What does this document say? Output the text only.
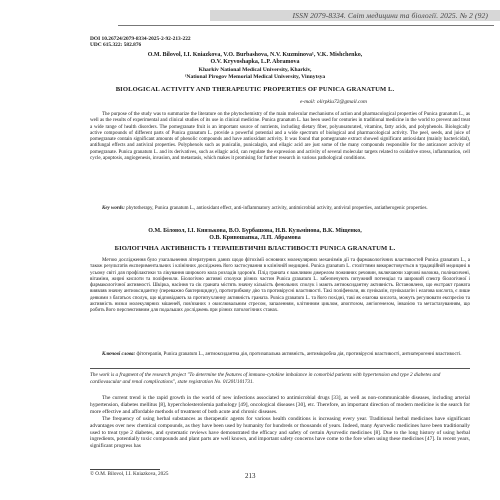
ISSN 2079-8334. Світ медицини та біології. 2025. № 2 (92)
DOI 10.26724/2079-8334-2025-2-92-213-222
UDC 615.322: 582.876
O.M. Bilovol, I.I. Kniazkova, V.O. Burbashova, N.V. Kuzminova¹, V.K. Mishchenko,
O.V. Kryvoshapka, L.P. Abramova
Kharkiv National Medical University, Kharkiv,
¹National Pirogov Memorial Medical University, Vinnytsya
BIOLOGICAL ACTIVITY AND THERAPEUTIC PROPERTIES OF PUNICA GRANATUM L.
e-mail: olirpkiu72@gmail.com
The purpose of the study was to summarize the literature on the phytochemistry of the main molecular mechanisms of action and pharmacological properties of Punica granatum L., as well as the results of experimental and clinical studies of its use in clinical medicine. Punica granatum L. has been used for centuries in traditional medicine in the world to prevent and treat a wide range of health disorders. The pomegranate fruit is an important source of nutrients, including dietary fiber, polyunsaturated, vitamins, fatty acids, and polyphenols. Biologically active compounds of different parts of Punica granatum L. provide a powerful potential and a wide spectrum of biological and pharmacological activity. The peel, seeds, and juice of pomegranate contain significant amounts of phenolic compounds and have antioxidant activity. It was found that pomegranate extract showed significant antioxidant (mainly bactericidal), antifungal effects and antiviral properties. Polyphenols such as punicalin, punicalagin, and ellagic acid are just some of the many compounds responsible for the anticancer activity of pomegranate. Punica granatum L. and its derivatives, such as ellagic acid, can regulate the expression and activity of several molecular targets related to oxidative stress, inflammation, cell cycle, apoptosis, angiogenesis, invasion, and metastasis, which makes it promising for further research in various pathological conditions.
Key words: phytotherapy, Punica granatum L., antioxidant effect, anti-inflammatory activity, antimicrobial activity, antiviral properties, antiatherogenic properties.
О.М. Біловол, І.І. Князькова, В.О. Бурбашова, Н.В. Кузьмінова, В.К. Міщенко,
О.В. Кривошапка, Л.П. Абрамова
БІОЛОГІЧНА АКТИВНІСТЬ І ТЕРАПЕВТИЧНІ ВЛАСТИВОСТІ PUNICA GRANATUM L.
Метою дослідження було узагальнення літературних даних щодо фітохімії основних молекулярних механізмів дії та фармакологічних властивостей Punica granatum L., а також результатів експериментальних і клінічних досліджень його застосування в клінічній медицині. Punica granatum L. століттями використовується в традиційній медицині в усьому світі для профілактики та лікування широкого кола розладів здоров'я. Плід граната є важливим джерелом поживних речовин, включаючи харчові волокна, полінасичені, вітаміни, жирні кислоти та поліфеноли. Біологічно активні сполуки різних частин Punica granatum L. забезпечують потужний потенціал та широкий спектр біологічної і фармакологічної активності. Шкірка, насіння та сік граната містять значну кількість фенольних сполук і мають антиоксидантну активність. Встановлено, що екстракт граната виявляв значну антиоксидантну (переважно бактерицидну), протигрибкову дію та противірусні властивості. Такі поліфеноли, як пунікалін, пунікалагін і елагова кислота, є лише деякими з багатьох сполук, що відповідають за протипухлинну активність граната. Punica granatum L. та його похідні, такі як елагова кислота, можуть регулювати експресію та активність низки молекулярних мішеней, пов'язаних з окислювальним стресом, запаленням, клітинним циклом, апоптозом, ангіогенезом, інвазією та метастазуванням, що робить його перспективним для подальших досліджень при різних патологічних станах.
Ключові слова: фітотерапія, Punica granatum L., антиоксидантна дія, протизапальна активність, антимікробна дія, противірусні властивості, антиатерогенні властивості.
The work is a fragment of the research project "To determine the features of immuno-cytokine imbalance in comorbid patients with hypertension and type 2 diabetes and cardiovascular and renal complications", state registration No. 0120U101731.

The current trend is the rapid growth in the world of new infections associated to antimicrobial drugs [33], as well as non-communicable diseases, including arterial hypertension, diabetes mellitus [8], hypercholesterolemia pathology [49], oncological diseases [30], etc. Therefore, an important direction of modern medicine is the search for more effective and affordable methods of treatment of both acute and chronic diseases.

The frequency of using herbal substances as therapeutic agents for various health conditions is increasing every year. Traditional herbal medicines have significant advantages over new chemical compounds, as they have been used by humanity for hundreds or thousands of years. Indeed, many Ayurvedic medicines have been traditionally used to treat type 2 diabetes, and systematic reviews have demonstrated the efficacy and safety of certain Ayurvedic medicines [8]. Due to the long history of using herbal ingredients, potentially toxic compounds and plant parts are well known, and important safety concerns have come to the fore when using these medicines [47]. In recent years, significant progress has

© O.M. Bilovol, I.I. Kniazkova, 2025	213
